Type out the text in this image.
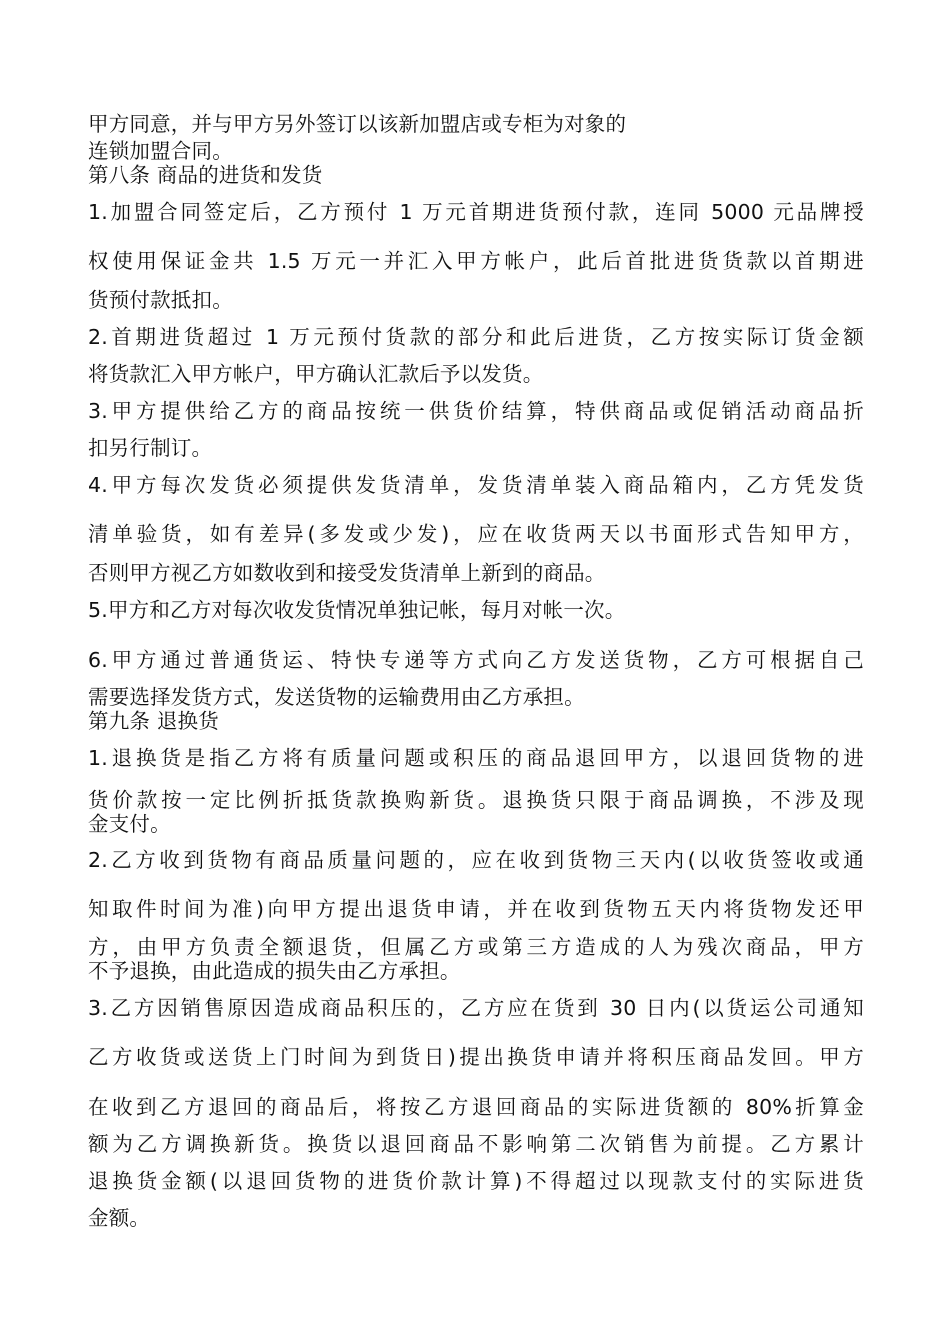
甲方同意，并与甲方另外签订以该新加盟店或专柜为对象的
连锁加盟合同。
第八条 商品的进货和发货
1.加盟合同签定后，乙方预付 1 万元首期进货预付款，连同 5000 元品牌授
权使用保证金共 1.5 万元一并汇入甲方帐户，此后首批进货货款以首期进
货预付款抵扣。
2.首期进货超过 1 万元预付货款的部分和此后进货，乙方按实际订货金额
将货款汇入甲方帐户，甲方确认汇款后予以发货。
3.甲方提供给乙方的商品按统一供货价结算，特供商品或促销活动商品折
扣另行制订。
4.甲方每次发货必须提供发货清单，发货清单装入商品箱内，乙方凭发货
清单验货，如有差异(多发或少发)，应在收货两天以书面形式告知甲方，
否则甲方视乙方如数收到和接受发货清单上新到的商品。
5.甲方和乙方对每次收发货情况单独记帐，每月对帐一次。
6.甲方通过普通货运、特快专递等方式向乙方发送货物，乙方可根据自己
需要选择发货方式，发送货物的运输费用由乙方承担。
第九条 退换货
1.退换货是指乙方将有质量问题或积压的商品退回甲方，以退回货物的进
货价款按一定比例折抵货款换购新货。退换货只限于商品调换，不涉及现
金支付。
2.乙方收到货物有商品质量问题的，应在收到货物三天内(以收货签收或通
知取件时间为准)向甲方提出退货申请，并在收到货物五天内将货物发还甲
方，由甲方负责全额退货，但属乙方或第三方造成的人为残次商品，甲方
不予退换，由此造成的损失由乙方承担。
3.乙方因销售原因造成商品积压的，乙方应在货到 30 日内(以货运公司通知
乙方收货或送货上门时间为到货日)提出换货申请并将积压商品发回。甲方
在收到乙方退回的商品后，将按乙方退回商品的实际进货额的 80%折算金
额为乙方调换新货。换货以退回商品不影响第二次销售为前提。乙方累计
退换货金额(以退回货物的进货价款计算)不得超过以现款支付的实际进货
金额。
